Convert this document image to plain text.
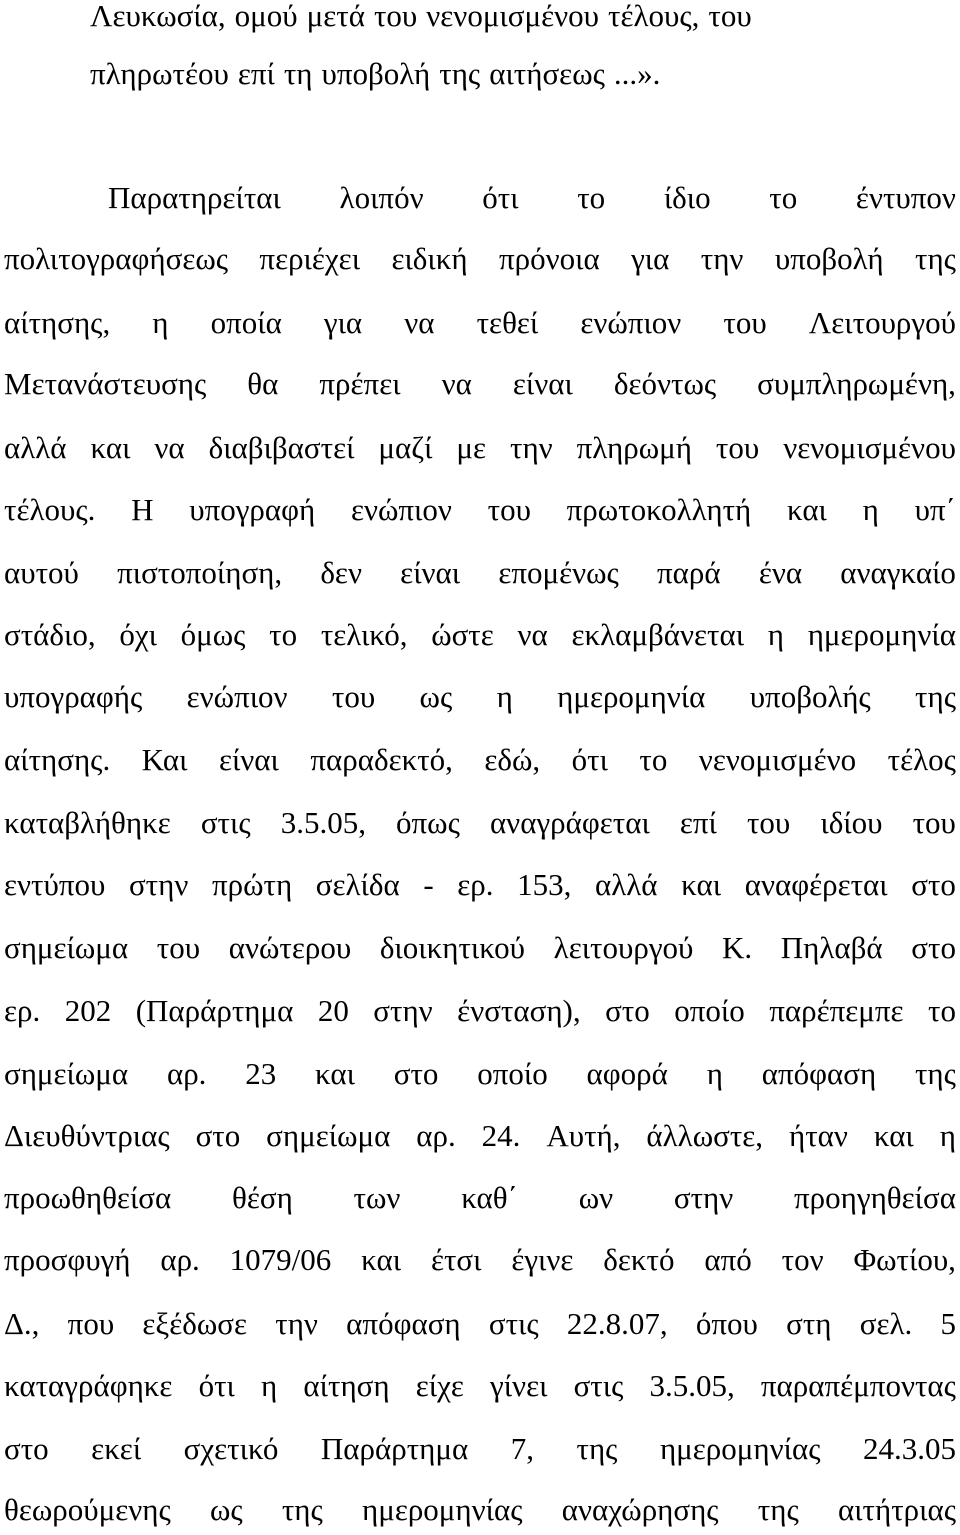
Λευκωσία, ομού μετά του νενομισμένου τέλους, του
πληρωτέου επί τη υποβολή της αιτήσεως ...».
Παρατηρείται λοιπόν ότι το ίδιο το έντυπον
πολιτογραφήσεως περιέχει ειδική πρόνοια για την υποβολή της
αίτησης, η οποία για να τεθεί ενώπιον του Λειτουργού
Μετανάστευσης θα πρέπει να είναι δεόντως συμπληρωμένη,
αλλά και να διαβιβαστεί μαζί με την πληρωμή του νενομισμένου
τέλους. Η υπογραφή ενώπιον του πρωτοκολλητή και η υπ΄
αυτού πιστοποίηση, δεν είναι επομένως παρά ένα αναγκαίο
στάδιο, όχι όμως το τελικό, ώστε να εκλαμβάνεται η ημερομηνία
υπογραφής ενώπιον του ως η ημερομηνία υποβολής της
αίτησης. Και είναι παραδεκτό, εδώ, ότι το νενομισμένο τέλος
καταβλήθηκε στις 3.5.05, όπως αναγράφεται επί του ιδίου του
εντύπου στην πρώτη σελίδα - ερ. 153, αλλά και αναφέρεται στο
σημείωμα του ανώτερου διοικητικού λειτουργού Κ. Πηλαβά στο
ερ. 202 (Παράρτημα 20 στην ένσταση), στο οποίο παρέπεμπε το
σημείωμα αρ. 23 και στο οποίο αφορά η απόφαση της
Διευθύντριας στο σημείωμα αρ. 24. Αυτή, άλλωστε, ήταν και η
προωθηθείσα θέση των καθ΄ ων στην προηγηθείσα
προσφυγή αρ. 1079/06 και έτσι έγινε δεκτό από τον Φωτίου,
Δ., που εξέδωσε την απόφαση στις 22.8.07, όπου στη σελ. 5
καταγράφηκε ότι η αίτηση είχε γίνει στις 3.5.05, παραπέμποντας
στο εκεί σχετικό Παράρτημα 7, της ημερομηνίας 24.3.05
θεωρούμενης ως της ημερομηνίας αναχώρησης της αιτήτριας
